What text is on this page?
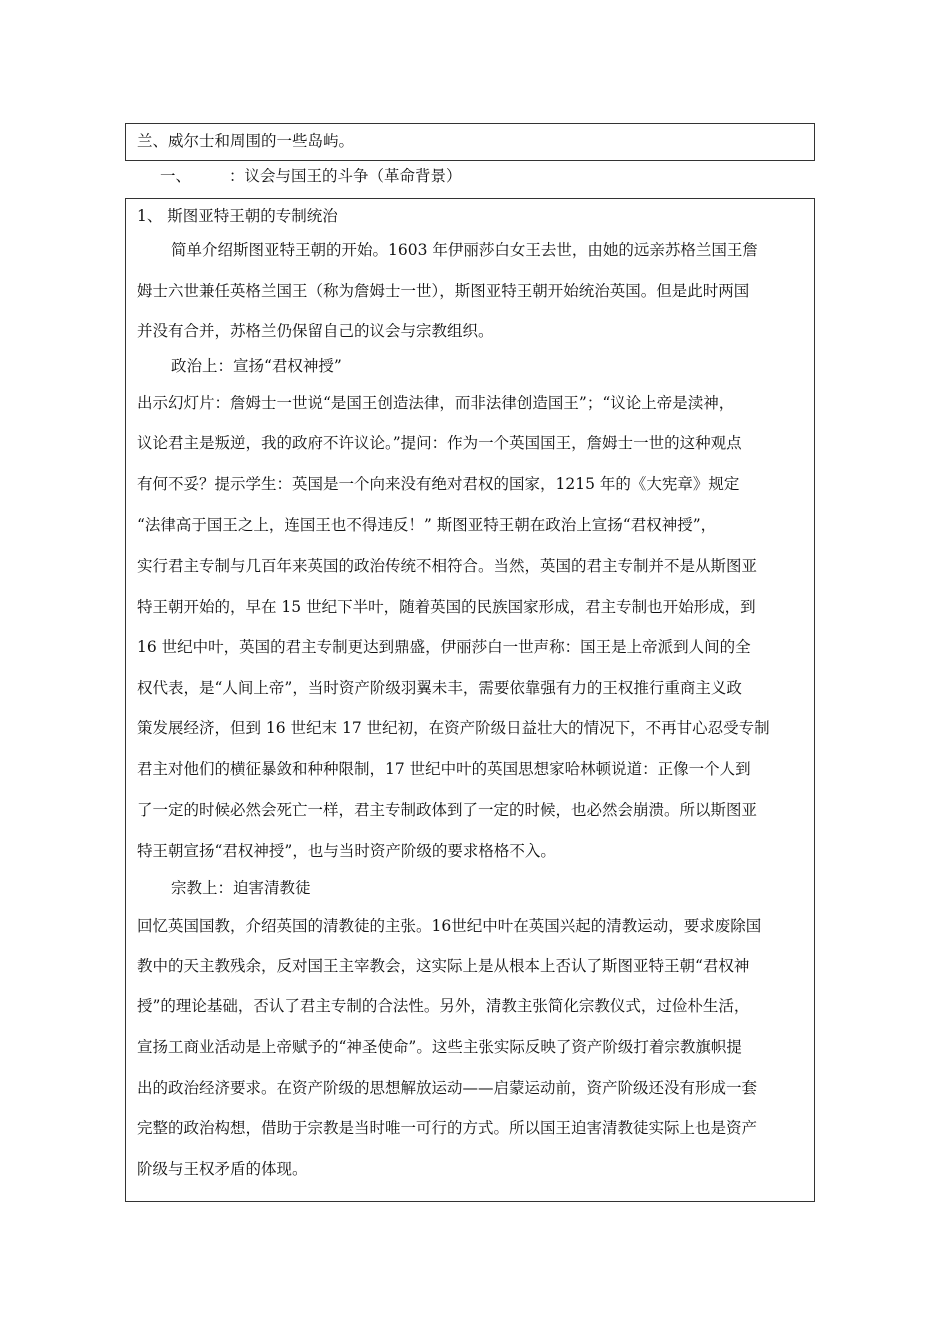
兰、威尔士和周围的一些岛屿。
一、 ：议会与国王的斗争（革命背景）
1、 斯图亚特王朝的专制统治
简单介绍斯图亚特王朝的开始。1603 年伊丽莎白女王去世，由她的远亲苏格兰国王詹
姆士六世兼任英格兰国王（称为詹姆士一世），斯图亚特王朝开始统治英国。但是此时两国
并没有合并，苏格兰仍保留自己的议会与宗教组织。
政治上：宣扬“君权神授”
出示幻灯片：詹姆士一世说“是国王创造法律，而非法律创造国王”；“议论上帝是渎神，
议论君主是叛逆，我的政府不许议论。”提问：作为一个英国国王，詹姆士一世的这种观点
有何不妥？提示学生：英国是一个向来没有绝对君权的国家，1215 年的《大宪章》规定
“法律高于国王之上，连国王也不得违反！” 斯图亚特王朝在政治上宣扬“君权神授”，
实行君主专制与几百年来英国的政治传统不相符合。当然，英国的君主专制并不是从斯图亚
特王朝开始的，早在 15 世纪下半叶，随着英国的民族国家形成，君主专制也开始形成，到
16 世纪中叶，英国的君主专制更达到鼎盛，伊丽莎白一世声称：国王是上帝派到人间的全
权代表，是“人间上帝”，当时资产阶级羽翼未丰，需要依靠强有力的王权推行重商主义政
策发展经济，但到 16 世纪末 17 世纪初，在资产阶级日益壮大的情况下，不再甘心忍受专制
君主对他们的横征暴敛和种种限制，17 世纪中叶的英国思想家哈林顿说道：正像一个人到
了一定的时候必然会死亡一样，君主专制政体到了一定的时候，也必然会崩溃。所以斯图亚
特王朝宣扬“君权神授”，也与当时资产阶级的要求格格不入。
宗教上：迫害清教徒
回忆英国国教，介绍英国的清教徒的主张。16世纪中叶在英国兴起的清教运动，要求废除国
教中的天主教残余，反对国王主宰教会，这实际上是从根本上否认了斯图亚特王朝“君权神
授”的理论基础，否认了君主专制的合法性。另外，清教主张简化宗教仪式，过俭朴生活，
宣扬工商业活动是上帝赋予的“神圣使命”。这些主张实际反映了资产阶级打着宗教旗帜提
出的政治经济要求。在资产阶级的思想解放运动——启蒙运动前，资产阶级还没有形成一套
完整的政治构想，借助于宗教是当时唯一可行的方式。所以国王迫害清教徒实际上也是资产
阶级与王权矛盾的体现。
